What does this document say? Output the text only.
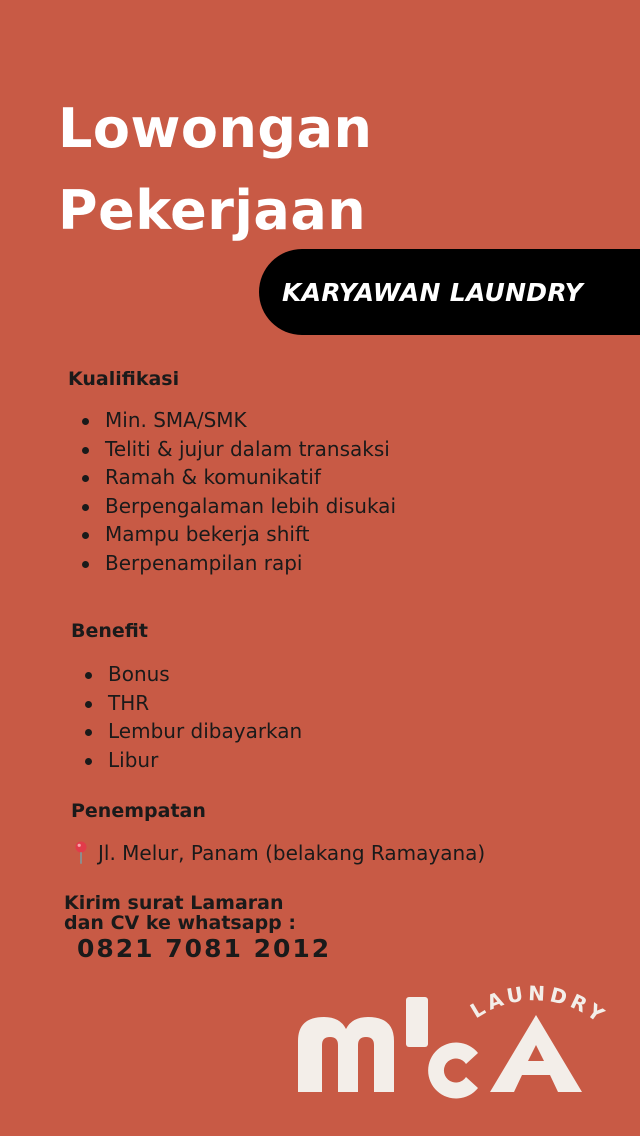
Lowongan
Pekerjaan
KARYAWAN LAUNDRY
Kualifikasi
Min. SMA/SMK
Teliti & jujur dalam transaksi
Ramah & komunikatif
Berpengalaman lebih disukai
Mampu bekerja shift
Berpenampilan rapi
Benefit
Bonus
THR
Lembur dibayarkan
Libur
Penempatan
Jl. Melur, Panam (belakang Ramayana)
Kirim surat Lamaran
dan CV ke whatsapp :
0821 7081 2012
LAUNDRY
